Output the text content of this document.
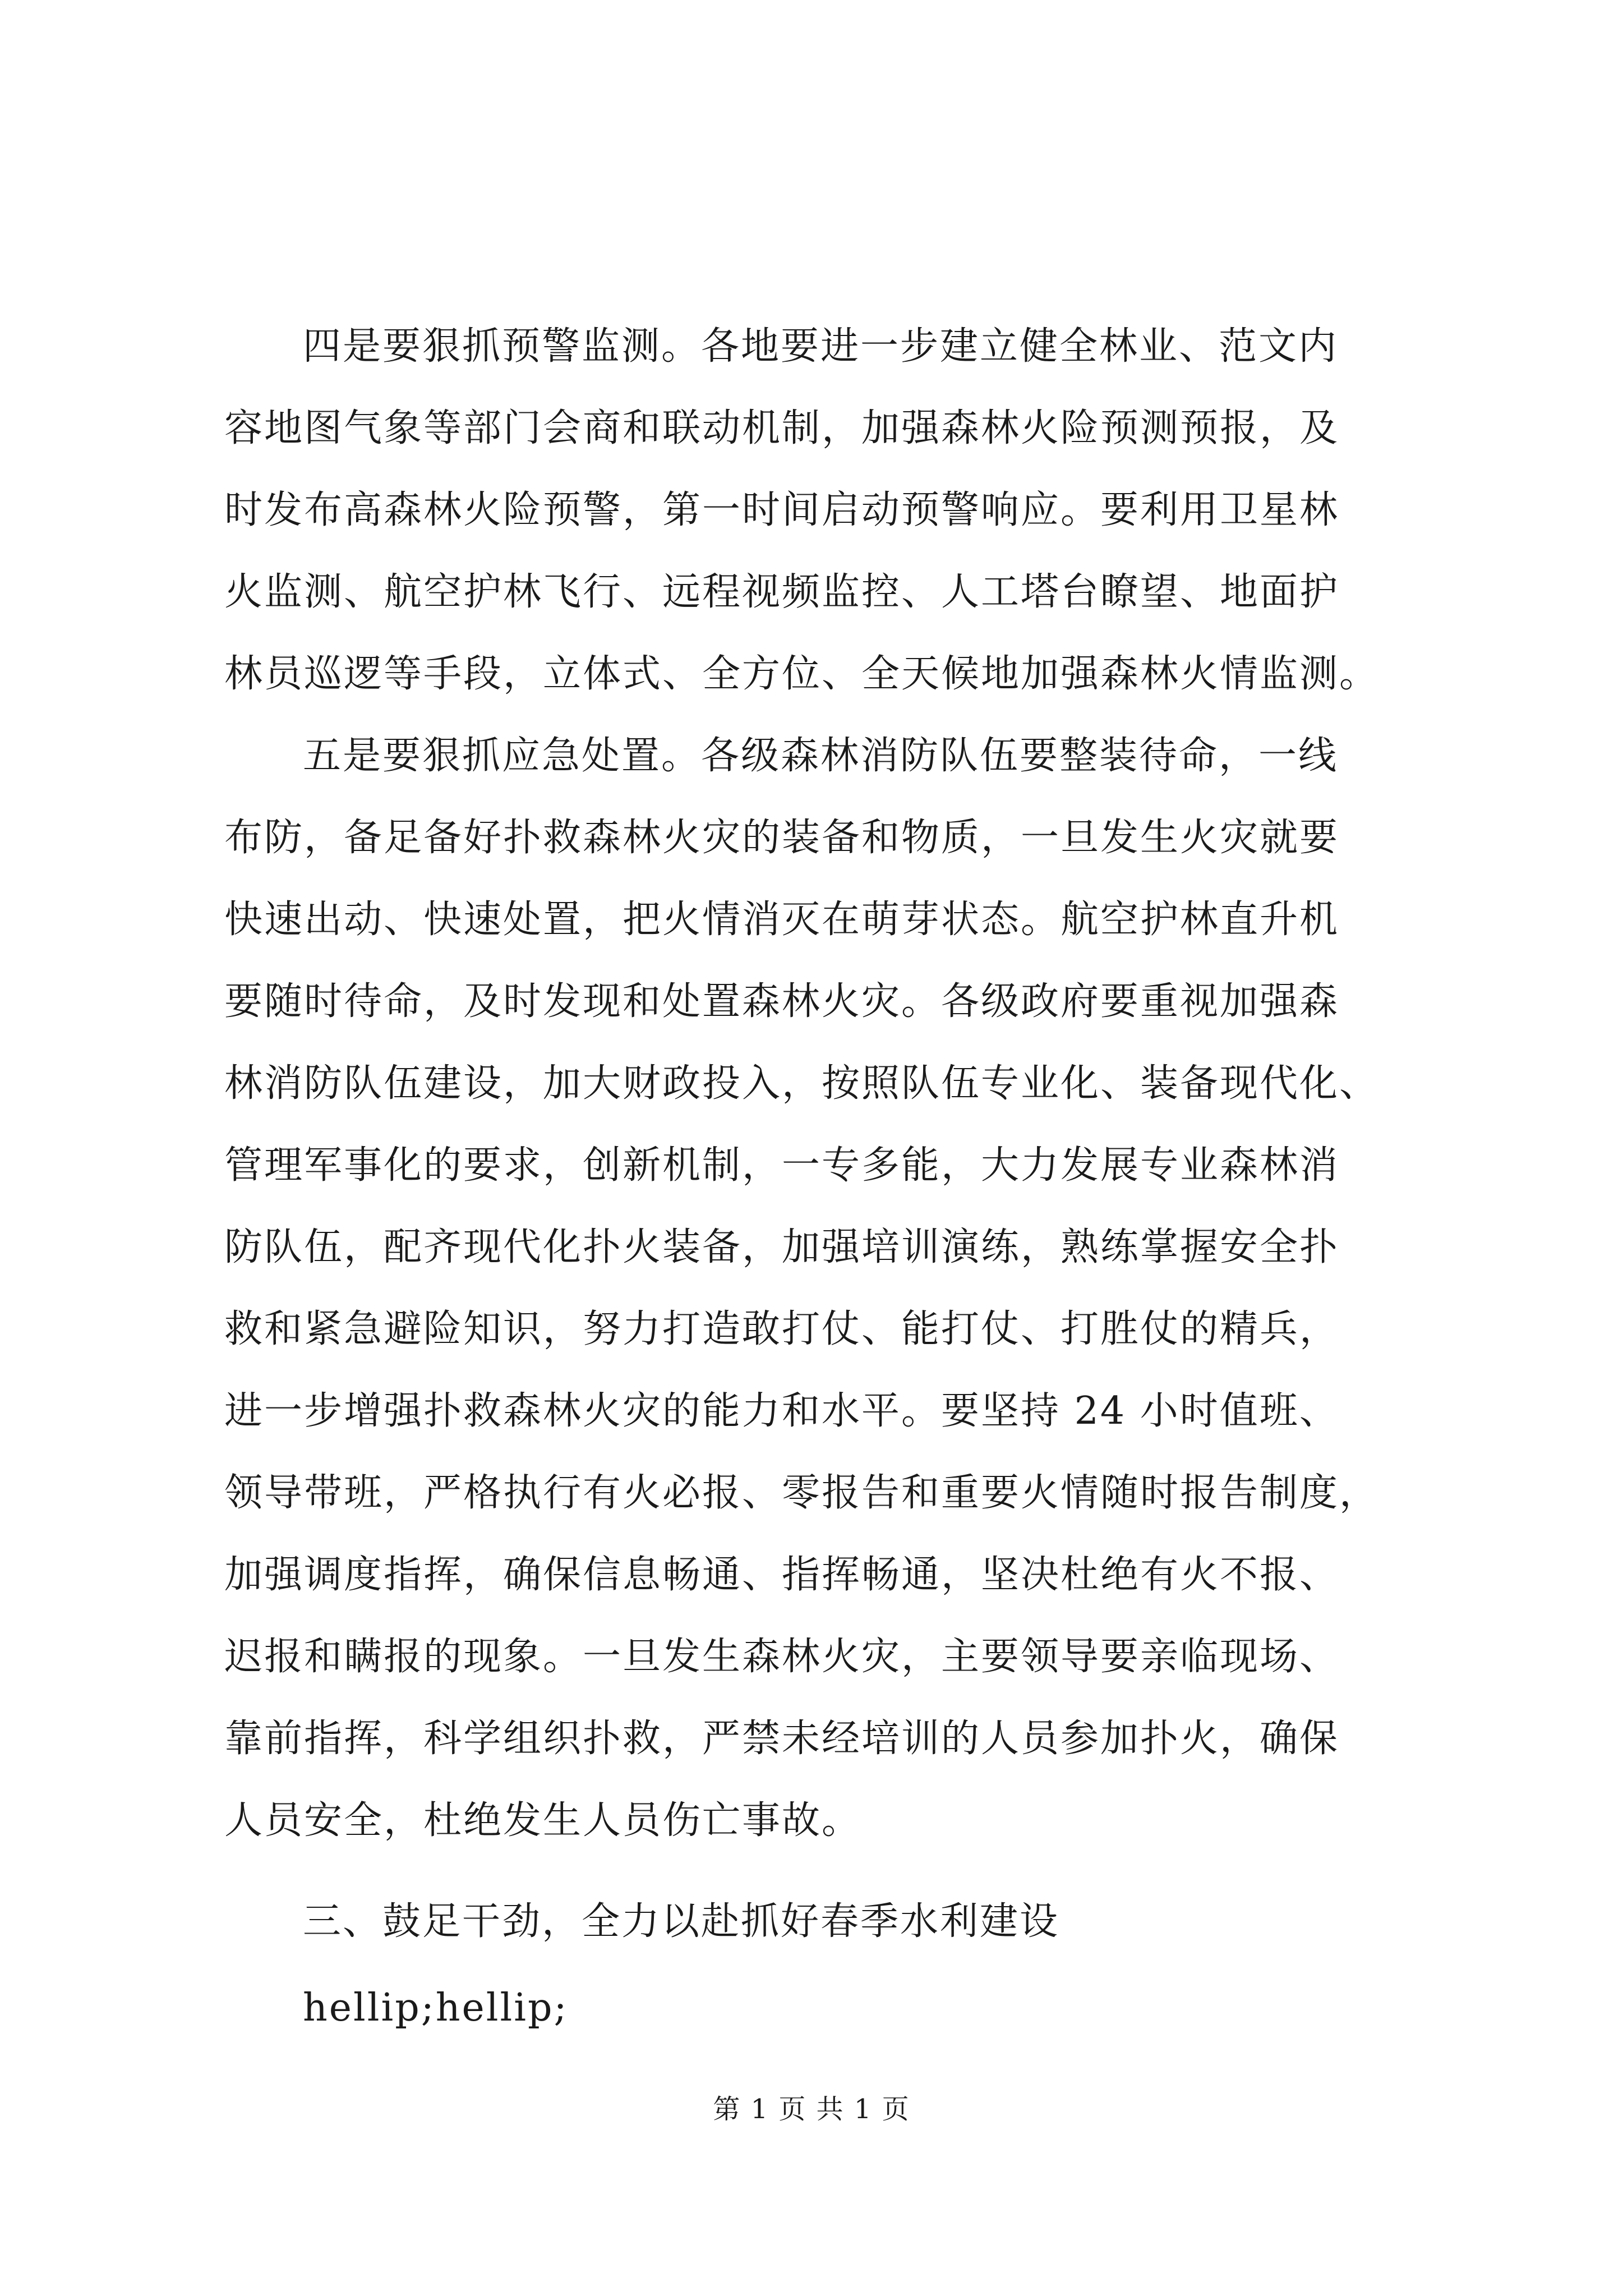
四是要狠抓预警监测。各地要进一步建立健全林业、范文内
容地图气象等部门会商和联动机制，加强森林火险预测预报，及
时发布高森林火险预警，第一时间启动预警响应。要利用卫星林
火监测、航空护林飞行、远程视频监控、人工塔台瞭望、地面护
林员巡逻等手段，立体式、全方位、全天候地加强森林火情监测。
五是要狠抓应急处置。各级森林消防队伍要整装待命，一线
布防，备足备好扑救森林火灾的装备和物质，一旦发生火灾就要
快速出动、快速处置，把火情消灭在萌芽状态。航空护林直升机
要随时待命，及时发现和处置森林火灾。各级政府要重视加强森
林消防队伍建设，加大财政投入，按照队伍专业化、装备现代化、
管理军事化的要求，创新机制，一专多能，大力发展专业森林消
防队伍，配齐现代化扑火装备，加强培训演练，熟练掌握安全扑
救和紧急避险知识，努力打造敢打仗、能打仗、打胜仗的精兵，
进一步增强扑救森林火灾的能力和水平。要坚持 24 小时值班、
领导带班，严格执行有火必报、零报告和重要火情随时报告制度，
加强调度指挥，确保信息畅通、指挥畅通，坚决杜绝有火不报、
迟报和瞒报的现象。一旦发生森林火灾，主要领导要亲临现场、
靠前指挥，科学组织扑救，严禁未经培训的人员参加扑火，确保
人员安全，杜绝发生人员伤亡事故。
三、鼓足干劲，全力以赴抓好春季水利建设
hellip;hellip;
第 1 页 共 1 页
